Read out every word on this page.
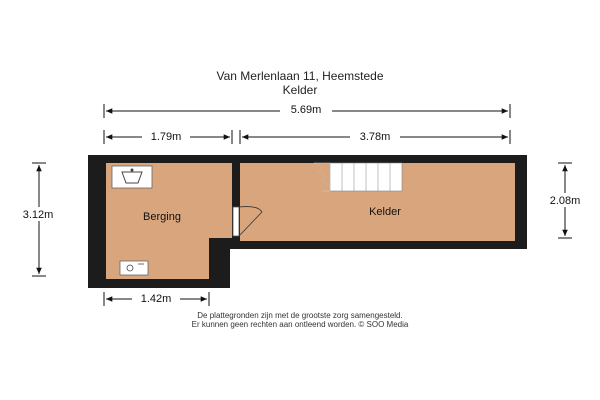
Van Merlenlaan 11, Heemstede
Kelder
Berging	Kelder
5.69m
1.79m	3.78m
3.12m
2.08m
1.42m
De plattegronden zijn met de grootste zorg samengesteld.
Er kunnen geen rechten aan ontleend worden. © SOO Media
